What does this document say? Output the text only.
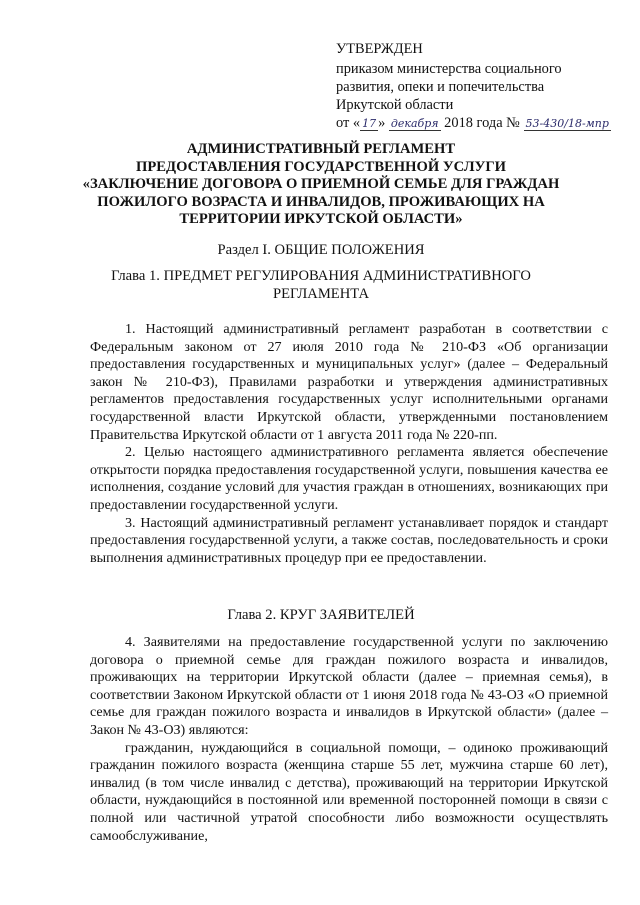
УТВЕРЖДЕН
приказом министерства социального
развития, опеки и попечительства
Иркутской области
от « 17 » декабря 2018 года № 53-430/18-мпр
АДМИНИСТРАТИВНЫЙ РЕГЛАМЕНТ
ПРЕДОСТАВЛЕНИЯ ГОСУДАРСТВЕННОЙ УСЛУГИ
«ЗАКЛЮЧЕНИЕ ДОГОВОРА О ПРИЕМНОЙ СЕМЬЕ ДЛЯ ГРАЖДАН
ПОЖИЛОГО ВОЗРАСТА И ИНВАЛИДОВ, ПРОЖИВАЮЩИХ НА
ТЕРРИТОРИИ ИРКУТСКОЙ ОБЛАСТИ»
Раздел I. ОБЩИЕ ПОЛОЖЕНИЯ
Глава 1. ПРЕДМЕТ РЕГУЛИРОВАНИЯ АДМИНИСТРАТИВНОГО
РЕГЛАМЕНТА

1. Настоящий административный регламент разработан в соответствии с Федеральным законом от 27 июля 2010 года № 210-ФЗ «Об организации предоставления государственных и муниципальных услуг» (далее – Федеральный закон № 210-ФЗ), Правилами разработки и утверждения административных регламентов предоставления государственных услуг исполнительными органами государственной власти Иркутской области, утвержденными постановлением Правительства Иркутской области от 1 августа 2011 года № 220-пп.

2. Целью настоящего административного регламента является обеспечение открытости порядка предоставления государственной услуги, повышения качества ее исполнения, создание условий для участия граждан в отношениях, возникающих при предоставлении государственной услуги.

3. Настоящий административный регламент устанавливает порядок и стандарт предоставления государственной услуги, а также состав, последовательность и сроки выполнения административных процедур при ее предоставлении.

Глава 2. КРУГ ЗАЯВИТЕЛЕЙ

4. Заявителями на предоставление государственной услуги по заключению договора о приемной семье для граждан пожилого возраста и инвалидов, проживающих на территории Иркутской области (далее – приемная семья), в соответствии Законом Иркутской области от 1 июня 2018 года № 43-ОЗ «О приемной семье для граждан пожилого возраста и инвалидов в Иркутской области» (далее – Закон № 43-ОЗ) являются:

гражданин, нуждающийся в социальной помощи, – одиноко проживающий гражданин пожилого возраста (женщина старше 55 лет, мужчина старше 60 лет), инвалид (в том числе инвалид с детства), проживающий на территории Иркутской области, нуждающийся в постоянной или временной посторонней помощи в связи с полной или частичной утратой способности либо возможности осуществлять самообслуживание,
